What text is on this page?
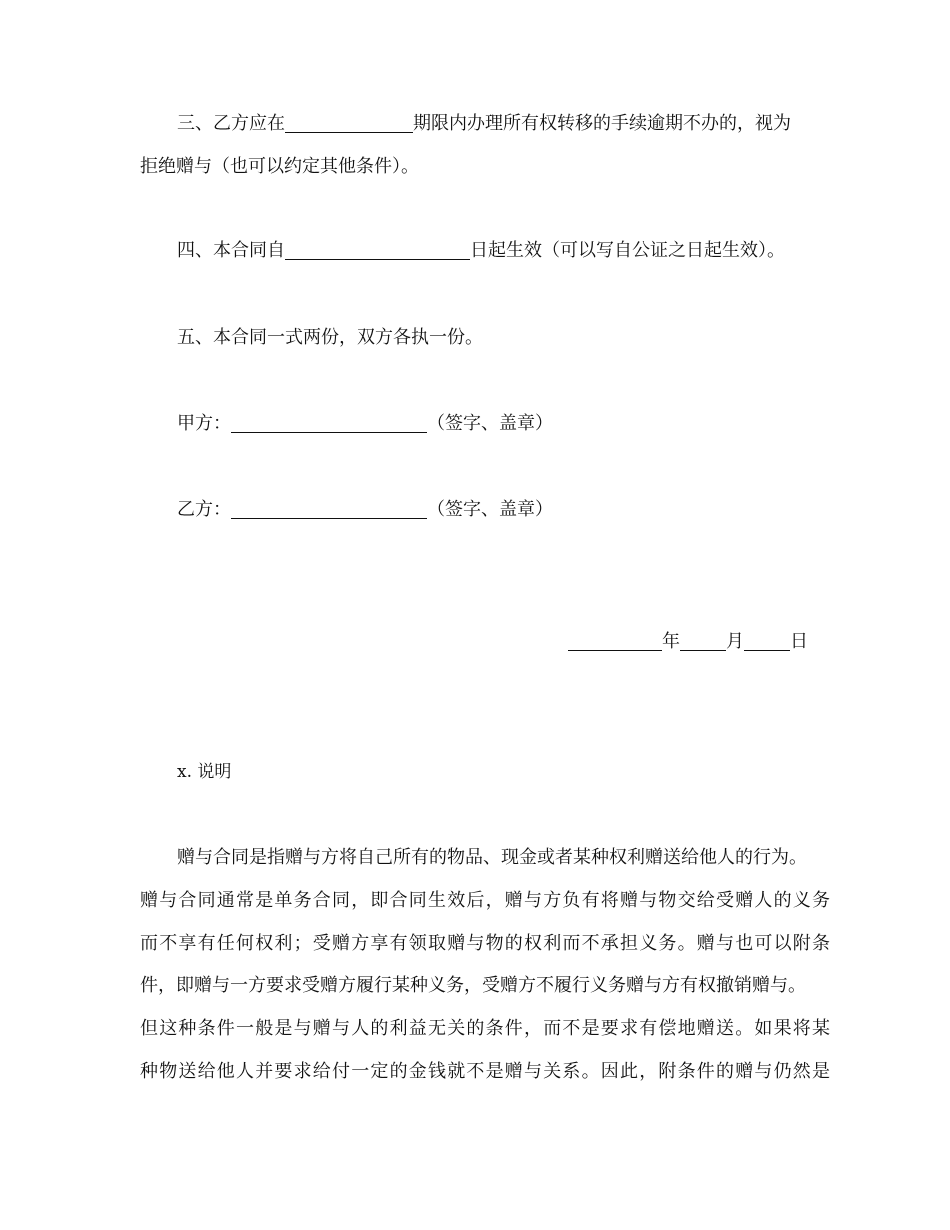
三、乙方应在	期限内办理所有权转移的手续逾期不办的，视为
拒绝赠与（也可以约定其他条件）。
四、本合同自	日起生效（可以写自公证之日起生效）。
五、本合同一式两份，双方各执一份。
甲方：	（签字、盖章）
乙方：	（签字、盖章）
年	月	日
x. 说明
赠与合同是指赠与方将自己所有的物品、现金或者某种权利赠送给他人的行为。
赠与合同通常是单务合同，即合同生效后，赠与方负有将赠与物交给受赠人的义务
而不享有任何权利；受赠方享有领取赠与物的权利而不承担义务。赠与也可以附条
件，即赠与一方要求受赠方履行某种义务，受赠方不履行义务赠与方有权撤销赠与。
但这种条件一般是与赠与人的利益无关的条件，而不是要求有偿地赠送。如果将某
种物送给他人并要求给付一定的金钱就不是赠与关系。因此，附条件的赠与仍然是
